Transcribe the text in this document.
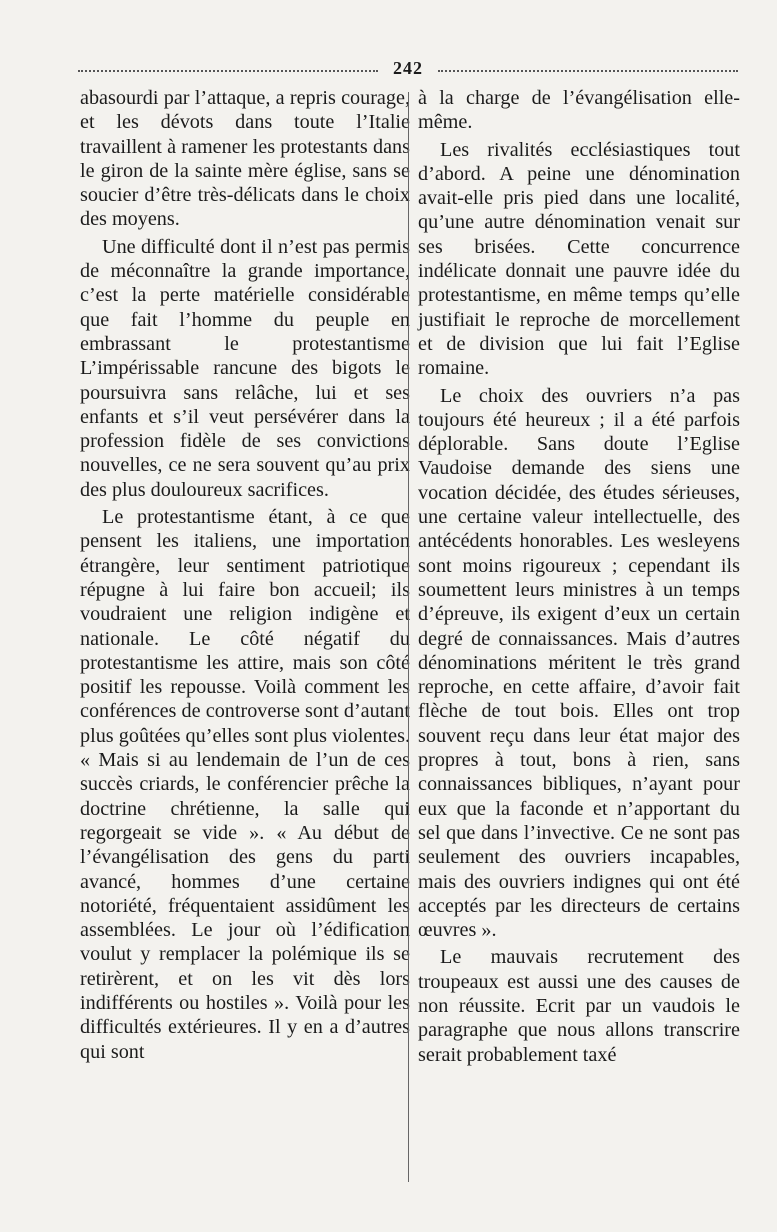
242

abasourdi par l’attaque, a repris courage, et les dévots dans toute l’Italie travaillent à ramener les protestants dans le giron de la sainte mère église, sans se soucier d’être très-délicats dans le choix des moyens.

Une difficulté dont il n’est pas permis de méconnaître la grande importance, c’est la perte matérielle considérable que fait l’homme du peuple en embrassant le protestantisme L’impérissable rancune des bigots le poursuivra sans relâche, lui et ses enfants et s’il veut persévérer dans la profession fidèle de ses convictions nouvelles, ce ne sera souvent qu’au prix des plus douloureux sacrifices.

Le protestantisme étant, à ce que pensent les italiens, une importation étrangère, leur sentiment patriotique répugne à lui faire bon accueil; ils voudraient une religion indigène et nationale. Le côté négatif du protestantisme les attire, mais son côté positif les repousse. Voilà comment les conférences de controverse sont d’autant plus goûtées qu’elles sont plus violentes. « Mais si au lendemain de l’un de ces succès criards, le conférencier prêche la doctrine chrétienne, la salle qui regorgeait se vide ». « Au début de l’évangélisation des gens du parti avancé, hommes d’une certaine notoriété, fréquentaient assidûment les assemblées. Le jour où l’édification voulut y remplacer la polémique ils se retirèrent, et on les vit dès lors indifférents ou hostiles ». Voilà pour les difficultés extérieures. Il y en a d’autres qui sont

à la charge de l’évangélisation elle-même.

Les rivalités ecclésiastiques tout d’abord. A peine une dénomination avait-elle pris pied dans une localité, qu’une autre dénomination venait sur ses brisées. Cette concurrence indélicate donnait une pauvre idée du protestantisme, en même temps qu’elle justifiait le reproche de morcellement et de division que lui fait l’Eglise romaine.

Le choix des ouvriers n’a pas toujours été heureux ; il a été parfois déplorable. Sans doute l’Eglise Vaudoise demande des siens une vocation décidée, des études sérieuses, une certaine valeur intellectuelle, des antécédents honorables. Les wesleyens sont moins rigoureux ; cependant ils soumettent leurs ministres à un temps d’épreuve, ils exigent d’eux un certain degré de connaissances. Mais d’autres dénominations méritent le très grand reproche, en cette affaire, d’avoir fait flèche de tout bois. Elles ont trop souvent reçu dans leur état major des propres à tout, bons à rien, sans connaissances bibliques, n’ayant pour eux que la faconde et n’apportant du sel que dans l’invective. Ce ne sont pas seulement des ouvriers incapables, mais des ouvriers indignes qui ont été acceptés par les directeurs de certains œuvres ».

Le mauvais recrutement des troupeaux est aussi une des causes de non réussite. Ecrit par un vaudois le paragraphe que nous allons transcrire serait probablement taxé
